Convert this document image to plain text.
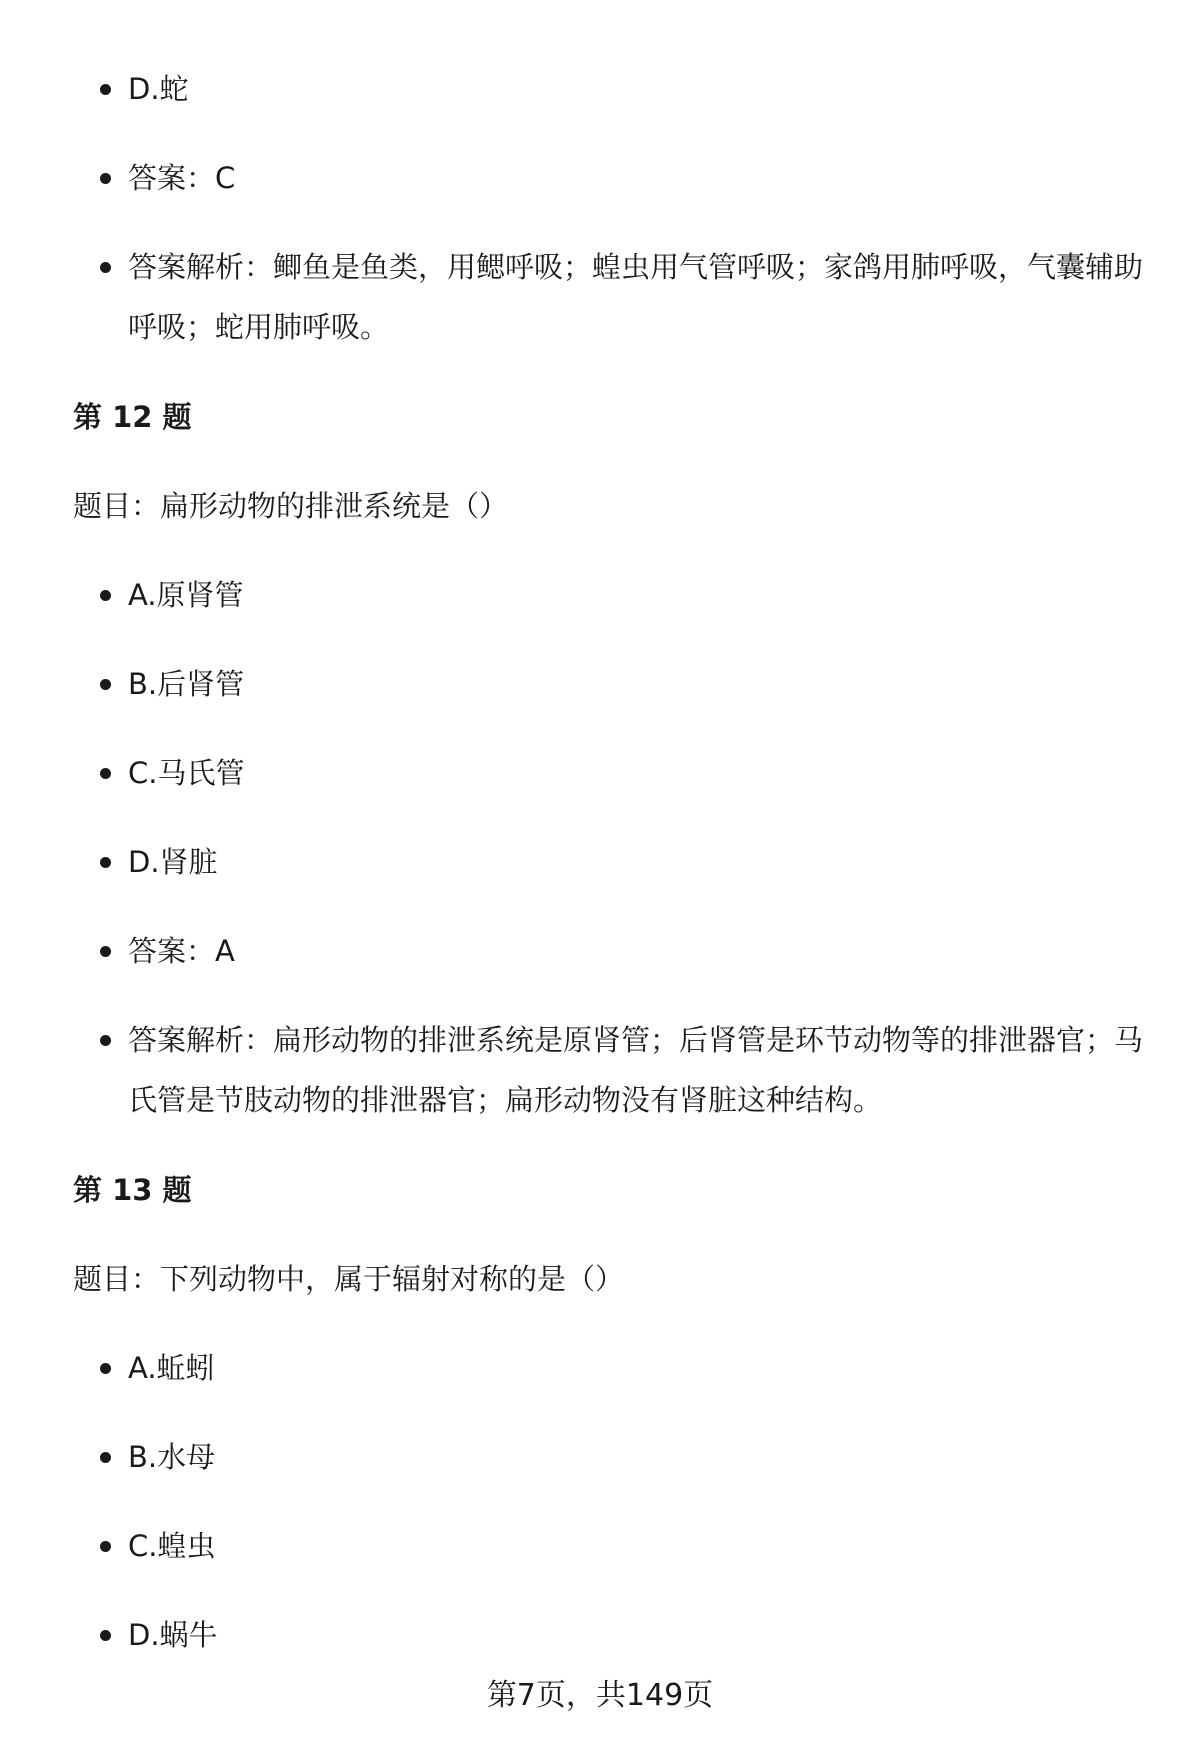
D.蛇
答案：C
答案解析：鲫鱼是鱼类，用鳃呼吸；蝗虫用气管呼吸；家鸽用肺呼吸，气囊辅助呼吸；蛇用肺呼吸。
第 12 题
题目：扁形动物的排泄系统是（）
A.原肾管
B.后肾管
C.马氏管
D.肾脏
答案：A
答案解析：扁形动物的排泄系统是原肾管；后肾管是环节动物等的排泄器官；马氏管是节肢动物的排泄器官；扁形动物没有肾脏这种结构。
第 13 题
题目：下列动物中，属于辐射对称的是（）
A.蚯蚓
B.水母
C.蝗虫
D.蜗牛
第7页，共149页
